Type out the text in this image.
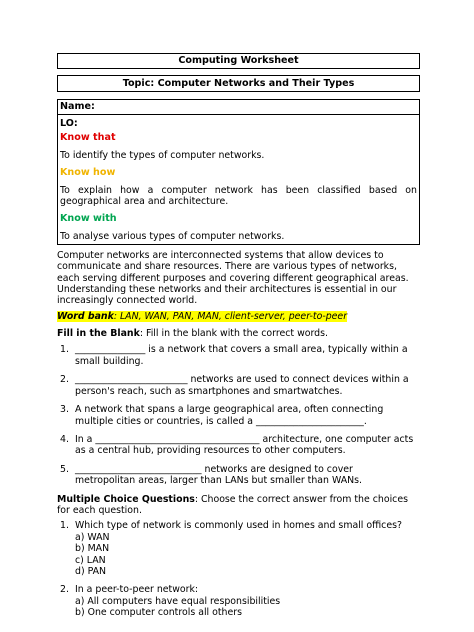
Computing Worksheet
Topic: Computer Networks and Their Types
Name:
LO:
Know that
To identify the types of computer networks.
Know how
To explain how a computer network has been classified based on geographical area and architecture.
Know with
To analyse various types of computer networks.
Computer networks are interconnected systems that allow devices to communicate and share resources. There are various types of networks, each serving different purposes and covering different geographical areas. Understanding these networks and their architectures is essential in our increasingly connected world.
Word bank: LAN, WAN, PAN, MAN, client-server, peer-to-peer
Fill in the Blank: Fill in the blank with the correct words.
1. _______________ is a network that covers a small area, typically within a small building.
2. ________________________ networks are used to connect devices within a person's reach, such as smartphones and smartwatches.
3. A network that spans a large geographical area, often connecting multiple cities or countries, is called a _______________________.
4. In a ___________________________________ architecture, one computer acts as a central hub, providing resources to other computers.
5. ___________________________ networks are designed to cover metropolitan areas, larger than LANs but smaller than WANs.
Multiple Choice Questions: Choose the correct answer from the choices for each question.
1. Which type of network is commonly used in homes and small offices?
a) WAN
b) MAN
c) LAN
d) PAN
2. In a peer-to-peer network:
a) All computers have equal responsibilities
b) One computer controls all others
